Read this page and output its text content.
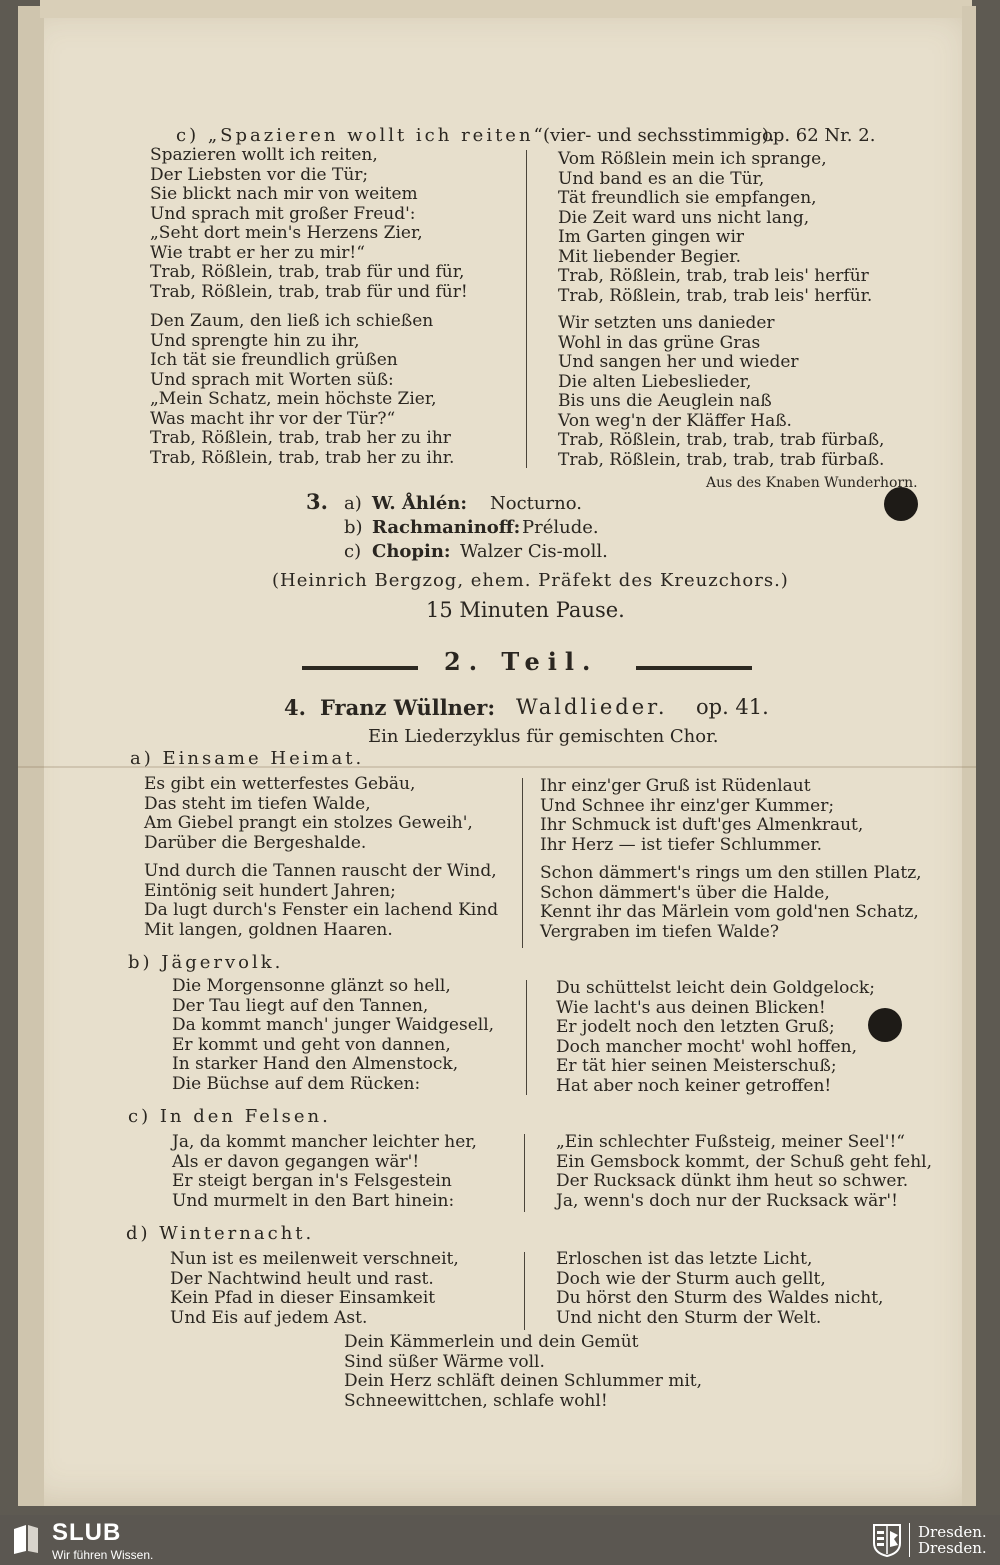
c) „Spazieren wollt ich reiten“
(vier- und sechsstimmig).
op. 62 Nr. 2.
Spazieren wollt ich reiten,
Der Liebsten vor die Tür;
Sie blickt nach mir von weitem
Und sprach mit großer Freud':
„Seht dort mein's Herzens Zier,
Wie trabt er her zu mir!“
Trab, Rößlein, trab, trab für und für,
Trab, Rößlein, trab, trab für und für!
Den Zaum, den ließ ich schießen
Und sprengte hin zu ihr,
Ich tät sie freundlich grüßen
Und sprach mit Worten süß:
„Mein Schatz, mein höchste Zier,
Was macht ihr vor der Tür?“
Trab, Rößlein, trab, trab her zu ihr
Trab, Rößlein, trab, trab her zu ihr.
Vom Rößlein mein ich sprange,
Und band es an die Tür,
Tät freundlich sie empfangen,
Die Zeit ward uns nicht lang,
Im Garten gingen wir
Mit liebender Begier.
Trab, Rößlein, trab, trab leis' herfür
Trab, Rößlein, trab, trab leis' herfür.
Wir setzten uns danieder
Wohl in das grüne Gras
Und sangen her und wieder
Die alten Liebeslieder,
Bis uns die Aeuglein naß
Von weg'n der Kläffer Haß.
Trab, Rößlein, trab, trab, trab fürbaß,
Trab, Rößlein, trab, trab, trab fürbaß.
Aus des Knaben Wunderhorn.
3. a) W. Åhlén: Nocturno.
b) Rachmaninoff: Prélude.
c) Chopin: Walzer Cis-moll.
(Heinrich Bergzog, ehem. Präfekt des Kreuzchors.)
15 Minuten Pause.
2. Teil.
4. Franz Wüllner: Waldlieder. op. 41.
Ein Liederzyklus für gemischten Chor.
a) Einsame Heimat.
Es gibt ein wetterfestes Gebäu,
Das steht im tiefen Walde,
Am Giebel prangt ein stolzes Geweih',
Darüber die Bergeshalde.
Und durch die Tannen rauscht der Wind,
Eintönig seit hundert Jahren;
Da lugt durch's Fenster ein lachend Kind
Mit langen, goldnen Haaren.
Ihr einz'ger Gruß ist Rüdenlaut
Und Schnee ihr einz'ger Kummer;
Ihr Schmuck ist duft'ges Almenkraut,
Ihr Herz — ist tiefer Schlummer.
Schon dämmert's rings um den stillen Platz,
Schon dämmert's über die Halde,
Kennt ihr das Märlein vom gold'nen Schatz,
Vergraben im tiefen Walde?
b) Jägervolk.
Die Morgensonne glänzt so hell,
Der Tau liegt auf den Tannen,
Da kommt manch' junger Waidgesell,
Er kommt und geht von dannen,
In starker Hand den Almenstock,
Die Büchse auf dem Rücken:
Du schüttelst leicht dein Goldgelock;
Wie lacht's aus deinen Blicken!
Er jodelt noch den letzten Gruß;
Doch mancher mocht' wohl hoffen,
Er tät hier seinen Meisterschuß;
Hat aber noch keiner getroffen!
c) In den Felsen.
Ja, da kommt mancher leichter her,
Als er davon gegangen wär'!
Er steigt bergan in's Felsgestein
Und murmelt in den Bart hinein:
„Ein schlechter Fußsteig, meiner Seel'!“
Ein Gemsbock kommt, der Schuß geht fehl,
Der Rucksack dünkt ihm heut so schwer.
Ja, wenn's doch nur der Rucksack wär'!
d) Winternacht.
Nun ist es meilenweit verschneit,
Der Nachtwind heult und rast.
Kein Pfad in dieser Einsamkeit
Und Eis auf jedem Ast.
Erloschen ist das letzte Licht,
Doch wie der Sturm auch gellt,
Du hörst den Sturm des Waldes nicht,
Und nicht den Sturm der Welt.
Dein Kämmerlein und dein Gemüt
Sind süßer Wärme voll.
Dein Herz schläft deinen Schlummer mit,
Schneewittchen, schlafe wohl!
SLUB
Wir führen Wissen.
Dresden.
Dresden.
